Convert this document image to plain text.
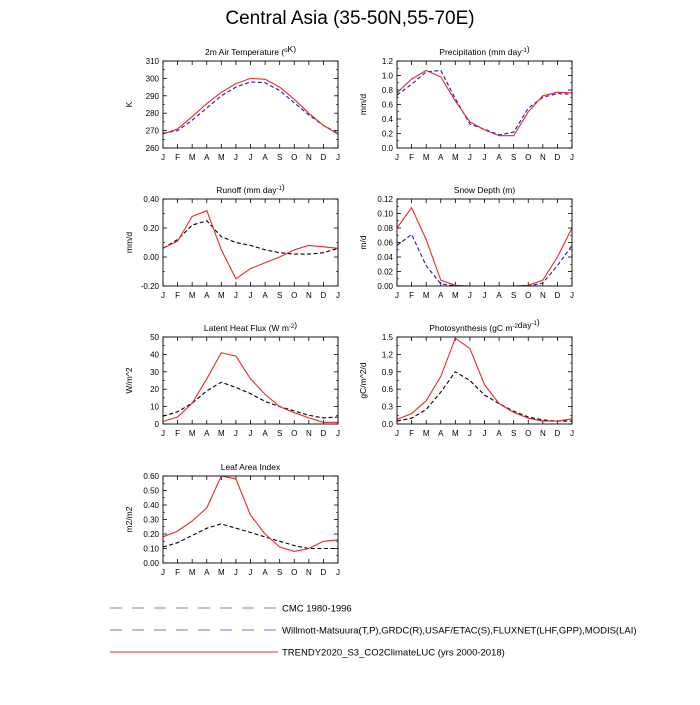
Central Asia (35-50N,55-70E)
2m Air Temperature ($^o$K)
260
270
280
290
300
310
J F M A M J J A S O N D J
K
Precipitation (mm day$^{-1}$)
0.0
0.2
0.4
0.6
0.8
1.0
1.2
J F M A M J J A S O N D J
mm/d
Runoff (mm day$^{-1}$)
-0.20
0.00
0.20
0.40
J F M A M J J A S O N D J
mm/d
Snow Depth (m)
0.00
0.02
0.04
0.06
0.08
0.10
0.12
J F M A M J J A S O N D J
m/d
Latent Heat Flux (W $m^{-2}$)
0
10
20
30
40
50
J F M A M J J A S O N D J
W/m^2
Photosynthesis (gC $m^{-2}day^{-1}$)
0.0
0.3
0.6
0.9
1.2
1.5
J F M A M J J A S O N D J
gC/m^2/d
Leaf Area Index
0.00
0.10
0.20
0.30
0.40
0.50
0.60
J F M A M J J A S O N D J
m2/m2
CMC 1980-1996
Willmott-Matsuura(T,P),GRDC(R),USAF/ETAC(S),FLUXNET(LHF,GPP),MODIS(LAI)
TRENDY2020_S3_CO2ClimateLUC (yrs 2000-2018)
